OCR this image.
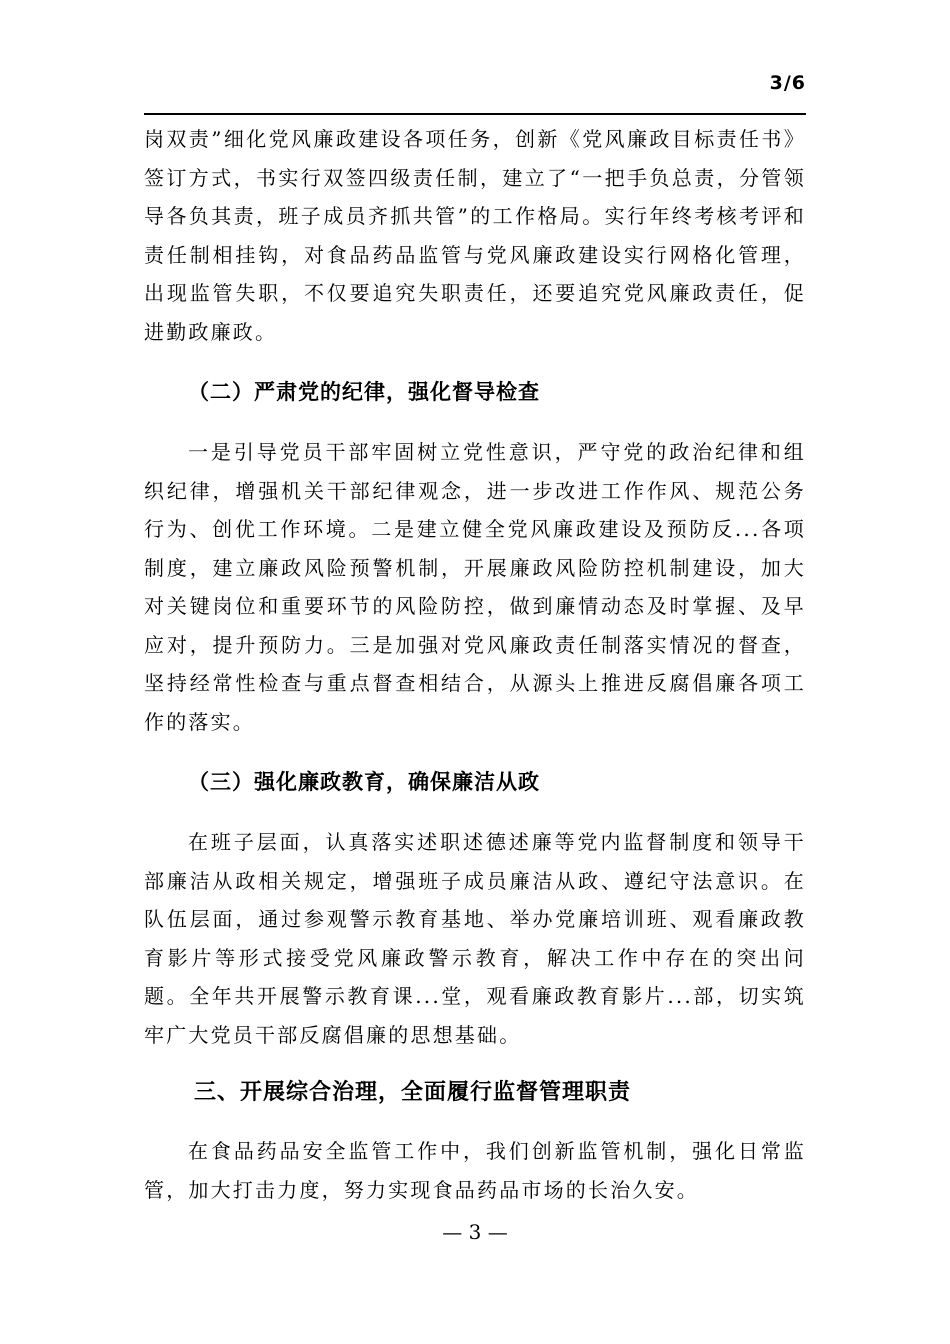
3/6

岗双责”细化党风廉政建设各项任务，创新《党风廉政目标责任书》签订方式，书实行双签四级责任制，建立了“一把手负总责，分管领导各负其责，班子成员齐抓共管”的工作格局。实行年终考核考评和责任制相挂钩，对食品药品监管与党风廉政建设实行网格化管理，出现监管失职，不仅要追究失职责任，还要追究党风廉政责任，促进勤政廉政。

（二）严肃党的纪律，强化督导检查

一是引导党员干部牢固树立党性意识，严守党的政治纪律和组织纪律，增强机关干部纪律观念，进一步改进工作作风、规范公务行为、创优工作环境。二是建立健全党风廉政建设及预防反...各项制度，建立廉政风险预警机制，开展廉政风险防控机制建设，加大对关键岗位和重要环节的风险防控，做到廉情动态及时掌握、及早应对，提升预防力。三是加强对党风廉政责任制落实情况的督查，坚持经常性检查与重点督查相结合，从源头上推进反腐倡廉各项工作的落实。

（三）强化廉政教育，确保廉洁从政

在班子层面，认真落实述职述德述廉等党内监督制度和领导干部廉洁从政相关规定，增强班子成员廉洁从政、遵纪守法意识。在队伍层面，通过参观警示教育基地、举办党廉培训班、观看廉政教育影片等形式接受党风廉政警示教育，解决工作中存在的突出问题。全年共开展警示教育课...堂，观看廉政教育影片...部，切实筑牢广大党员干部反腐倡廉的思想基础。

三、开展综合治理，全面履行监督管理职责

在食品药品安全监管工作中，我们创新监管机制，强化日常监管，加大打击力度，努力实现食品药品市场的长治久安。

— 3 —
